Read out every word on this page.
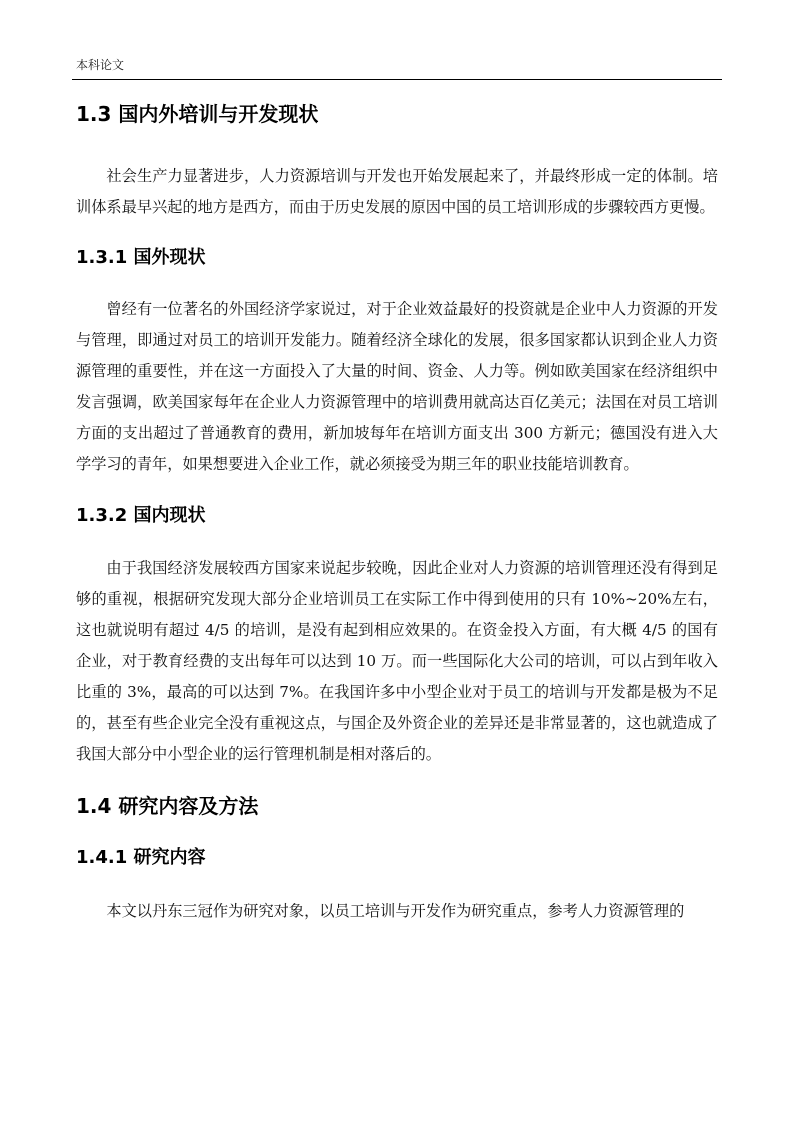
本科论文
1.3 国内外培训与开发现状

社会生产力显著进步，人力资源培训与开发也开始发展起来了，并最终形成一定的体制。培训体系最早兴起的地方是西方，而由于历史发展的原因中国的员工培训形成的步骤较西方更慢。

1.3.1 国外现状

曾经有一位著名的外国经济学家说过，对于企业效益最好的投资就是企业中人力资源的开发与管理，即通过对员工的培训开发能力。随着经济全球化的发展，很多国家都认识到企业人力资源管理的重要性，并在这一方面投入了大量的时间、资金、人力等。例如欧美国家在经济组织中发言强调，欧美国家每年在企业人力资源管理中的培训费用就高达百亿美元；法国在对员工培训方面的支出超过了普通教育的费用，新加坡每年在培训方面支出 300 方新元；德国没有进入大学学习的青年，如果想要进入企业工作，就必须接受为期三年的职业技能培训教育。

1.3.2 国内现状

由于我国经济发展较西方国家来说起步较晚，因此企业对人力资源的培训管理还没有得到足够的重视，根据研究发现大部分企业培训员工在实际工作中得到使用的只有 10%~20%左右，这也就说明有超过 4/5 的培训，是没有起到相应效果的。在资金投入方面，有大概 4/5 的国有企业，对于教育经费的支出每年可以达到 10 万。而一些国际化大公司的培训，可以占到年收入比重的 3%，最高的可以达到 7%。在我国许多中小型企业对于员工的培训与开发都是极为不足的，甚至有些企业完全没有重视这点，与国企及外资企业的差异还是非常显著的，这也就造成了我国大部分中小型企业的运行管理机制是相对落后的。

1.4 研究内容及方法
1.4.1 研究内容

本文以丹东三冠作为研究对象，以员工培训与开发作为研究重点，参考人力资源管理的
